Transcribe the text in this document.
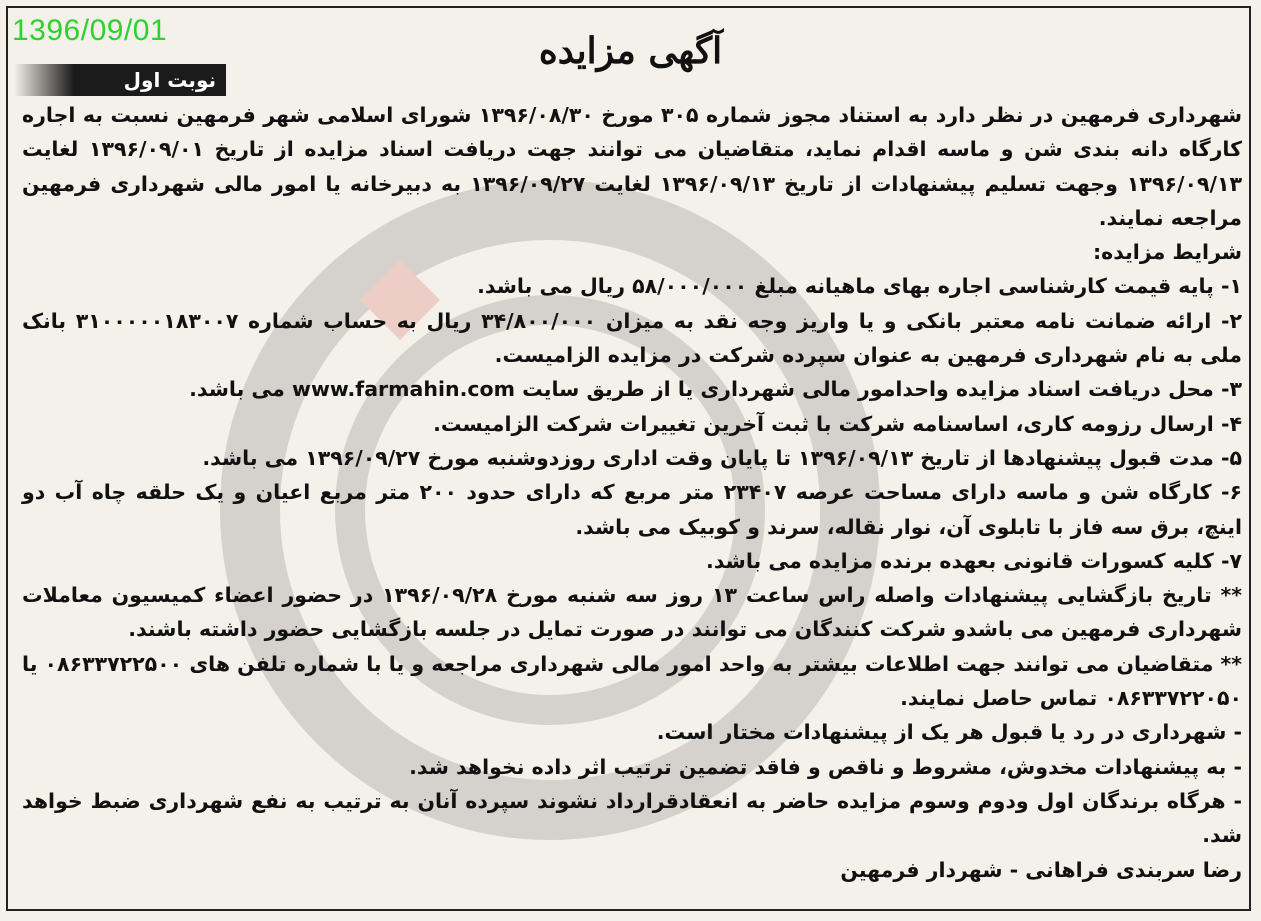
1396/09/01	آگهی مزایده
نوبت اول

شهرداری فرمهین در نظر دارد به استناد مجوز شماره ۳۰۵ مورخ ۱۳۹۶/۰۸/۳۰ شورای اسلامی شهر فرمهین نسبت به اجاره کارگاه دانه بندی شن و ماسه اقدام نماید، متقاضیان می توانند جهت دریافت اسناد مزایده از تاریخ ۱۳۹۶/۰۹/۰۱ لغایت ۱۳۹۶/۰۹/۱۳ وجهت تسلیم پیشنهادات از تاریخ ۱۳۹۶/۰۹/۱۳ لغایت ۱۳۹۶/۰۹/۲۷ به دبیرخانه یا امور مالی شهرداری فرمهین مراجعه نمایند.

شرایط مزایده:

۱- پایه قیمت کارشناسی اجاره بهای ماهیانه مبلغ ۵۸/۰۰۰/۰۰۰ ریال می باشد.

۲- ارائه ضمانت نامه معتبر بانکی و یا واریز وجه نقد به میزان ۳۴/۸۰۰/۰۰۰ ریال به حساب شماره ۳۱۰۰۰۰۰۱۸۳۰۰۷ بانک ملی به نام شهرداری فرمهین به عنوان سپرده شرکت در مزایده الزامیست.

۳- محل دریافت اسناد مزایده واحدامور مالی شهرداری یا از طریق سایت www.farmahin.com می باشد.

۴- ارسال رزومه کاری، اساسنامه شرکت با ثبت آخرین تغییرات شرکت الزامیست.

۵- مدت قبول پیشنهادها از تاریخ ۱۳۹۶/۰۹/۱۳ تا پایان وقت اداری روزدوشنبه مورخ ۱۳۹۶/۰۹/۲۷ می باشد.

۶- کارگاه شن و ماسه دارای مساحت عرصه ۲۳۴۰۷ متر مربع که دارای حدود ۲۰۰ متر مربع اعیان و یک حلقه چاه آب دو اینچ، برق سه فاز با تابلوی آن، نوار نقاله، سرند و کوبیک می باشد.

۷- کلیه کسورات قانونی بعهده برنده مزایده می باشد.

** تاریخ بازگشایی پیشنهادات واصله راس ساعت ۱۳ روز سه شنبه مورخ ۱۳۹۶/۰۹/۲۸ در حضور اعضاء کمیسیون معاملات شهرداری فرمهین می باشدو شرکت کنندگان می توانند در صورت تمایل در جلسه بازگشایی حضور داشته باشند.

** متقاضیان می توانند جهت اطلاعات بیشتر به واحد امور مالی شهرداری مراجعه و یا با شماره تلفن های ۰۸۶۳۳۷۲۲۵۰۰ یا ۰۸۶۳۳۷۲۲۰۵۰ تماس حاصل نمایند.

- شهرداری در رد یا قبول هر یک از پیشنهادات مختار است.

- به پیشنهادات مخدوش، مشروط و ناقص و فاقد تضمین ترتیب اثر داده نخواهد شد.

- هرگاه برندگان اول ودوم وسوم مزایده حاضر به انعقادقرارداد نشوند سپرده آنان به ترتیب به نفع شهرداری ضبط خواهد شد.

رضا سربندی فراهانی - شهردار فرمهین
